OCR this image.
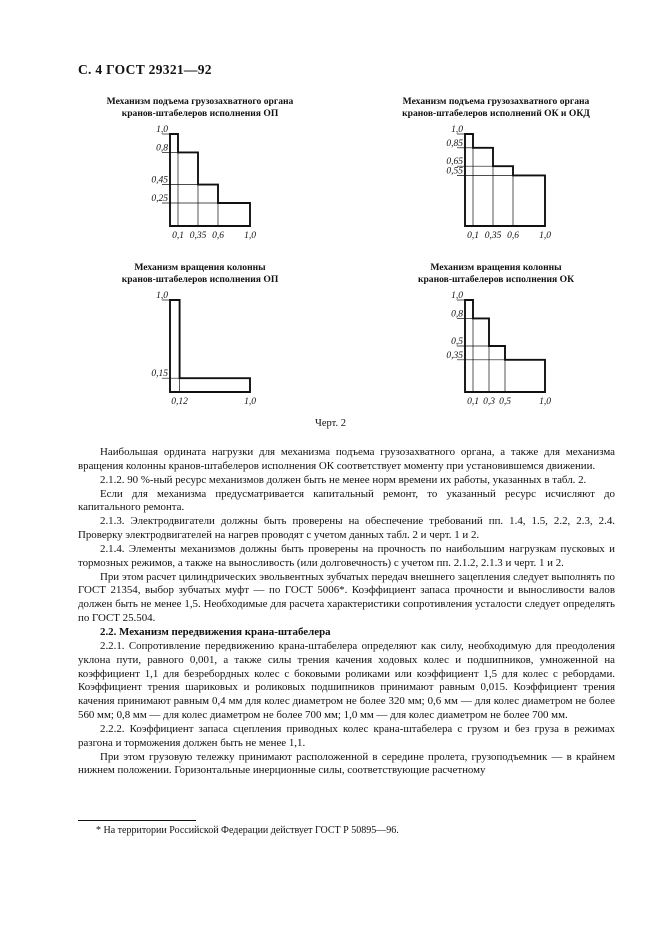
С. 4 ГОСТ 29321—92
Механизм подъема грузозахватного органа
кранов-штабелеров исполнения ОП
Механизм подъема грузозахватного органа
кранов-штабелеров исполнений ОК и ОКД
Механизм вращения колонны
кранов-штабелеров исполнения ОП
Механизм вращения колонны
кранов-штабелеров исполнения ОК
1,0
0,8
0,45
0,25
0,1 0,35 0,6 1,0
1,0
0,85
0,65
0,55
0,1 0,35 0,6 1,0
1,0
0,15
0,12	1,0
1,0
0,8
0,5
0,35
0,1 0,3 0,5	1,0
Черт. 2

Наибольшая ордината нагрузки для механизма подъема грузозахватного органа, а также для механизма вращения колонны кранов-штабелеров исполнения ОК соответствует моменту при установившемся движении.

2.1.2. 90 %-ный ресурс механизмов должен быть не менее норм времени их работы, указанных в табл. 2.

Если для механизма предусматривается капитальный ремонт, то указанный ресурс исчисляют до капитального ремонта.

2.1.3. Электродвигатели должны быть проверены на обеспечение требований пп. 1.4, 1.5, 2.2, 2.3, 2.4. Проверку электродвигателей на нагрев проводят с учетом данных табл. 2 и черт. 1 и 2.

2.1.4. Элементы механизмов должны быть проверены на прочность по наибольшим нагрузкам пусковых и тормозных режимов, а также на выносливость (или долговечность) с учетом пп. 2.1.2, 2.1.3 и черт. 1 и 2.

При этом расчет цилиндрических эвольвентных зубчатых передач внешнего зацепления следует выполнять по ГОСТ 21354, выбор зубчатых муфт — по ГОСТ 5006*. Коэффициент запаса прочности и выносливости валов должен быть не менее 1,5. Необходимые для расчета характеристики сопротивления усталости следует определять по ГОСТ 25.504.

2.2. Механизм передвижения крана-штабелера

2.2.1. Сопротивление передвижению крана-штабелера определяют как силу, необходимую для преодоления уклона пути, равного 0,001, а также силы трения качения ходовых колес и подшипников, умноженной на коэффициент 1,1 для безребордных колес с боковыми роликами или коэффициент 1,5 для колес с ребордами. Коэффициент трения шариковых и роликовых подшипников принимают равным 0,015. Коэффициент трения качения принимают равным 0,4 мм для колес диаметром не более 320 мм; 0,6 мм — для колес диаметром не более 560 мм; 0,8 мм — для колес диаметром не более 700 мм; 1,0 мм — для колес диаметром не более 700 мм.

2.2.2. Коэффициент запаса сцепления приводных колес крана-штабелера с грузом и без груза в режимах разгона и торможения должен быть не менее 1,1.

При этом грузовую тележку принимают расположенной в середине пролета, грузоподъемник — в крайнем нижнем положении. Горизонтальные инерционные силы, соответствующие расчетному

* На территории Российской Федерации действует ГОСТ Р 50895—96.
